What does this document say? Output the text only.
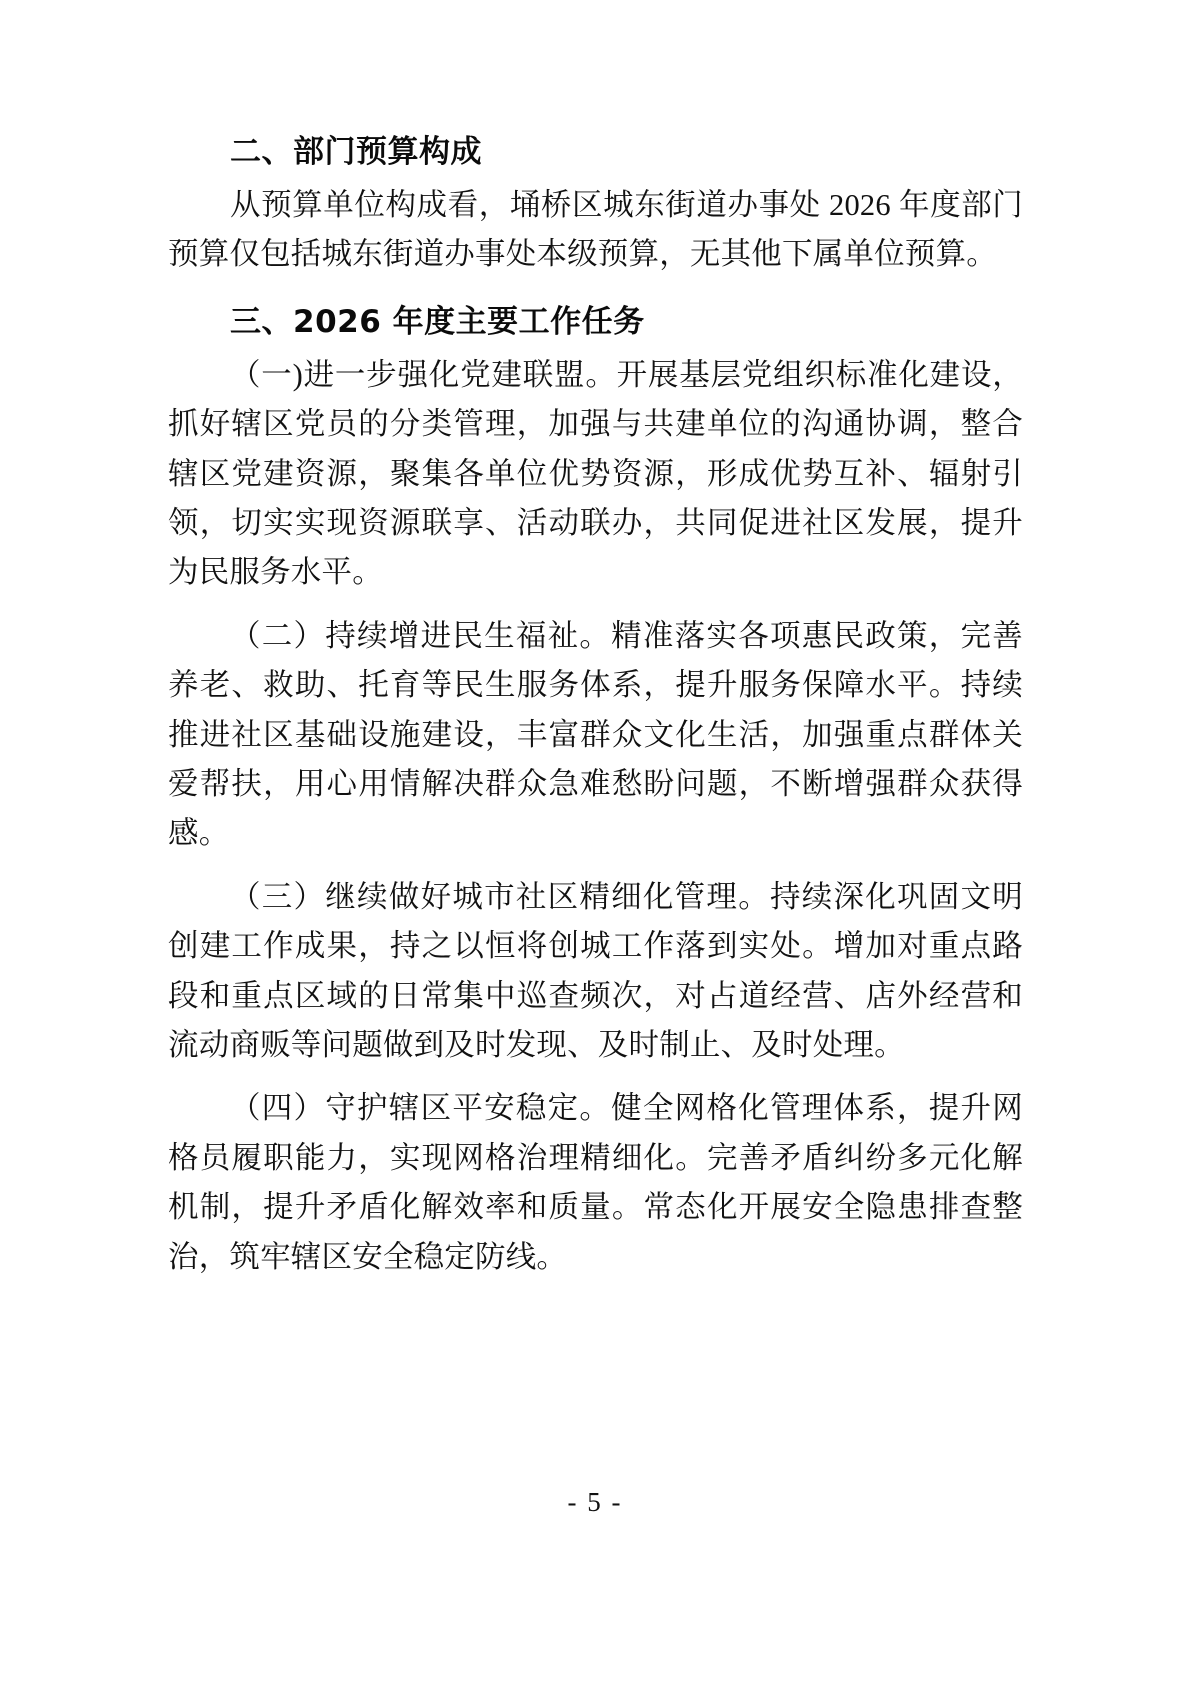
二、部门预算构成

从预算单位构成看，埇桥区城东街道办事处 2026 年度部门预算仅包括城东街道办事处本级预算，无其他下属单位预算。

三、2026 年度主要工作任务

（一)进一步强化党建联盟。开展基层党组织标准化建设，抓好辖区党员的分类管理，加强与共建单位的沟通协调，整合辖区党建资源，聚集各单位优势资源，形成优势互补、辐射引领，切实实现资源联享、活动联办，共同促进社区发展，提升为民服务水平。

（二）持续增进民生福祉。精准落实各项惠民政策，完善养老、救助、托育等民生服务体系，提升服务保障水平。持续推进社区基础设施建设，丰富群众文化生活，加强重点群体关爱帮扶，用心用情解决群众急难愁盼问题，不断增强群众获得感。

（三）继续做好城市社区精细化管理。持续深化巩固文明创建工作成果，持之以恒将创城工作落到实处。增加对重点路段和重点区域的日常集中巡查频次，对占道经营、店外经营和流动商贩等问题做到及时发现、及时制止、及时处理。

（四）守护辖区平安稳定。健全网格化管理体系，提升网格员履职能力，实现网格治理精细化。完善矛盾纠纷多元化解机制，提升矛盾化解效率和质量。常态化开展安全隐患排查整治，筑牢辖区安全稳定防线。

- 5 -
